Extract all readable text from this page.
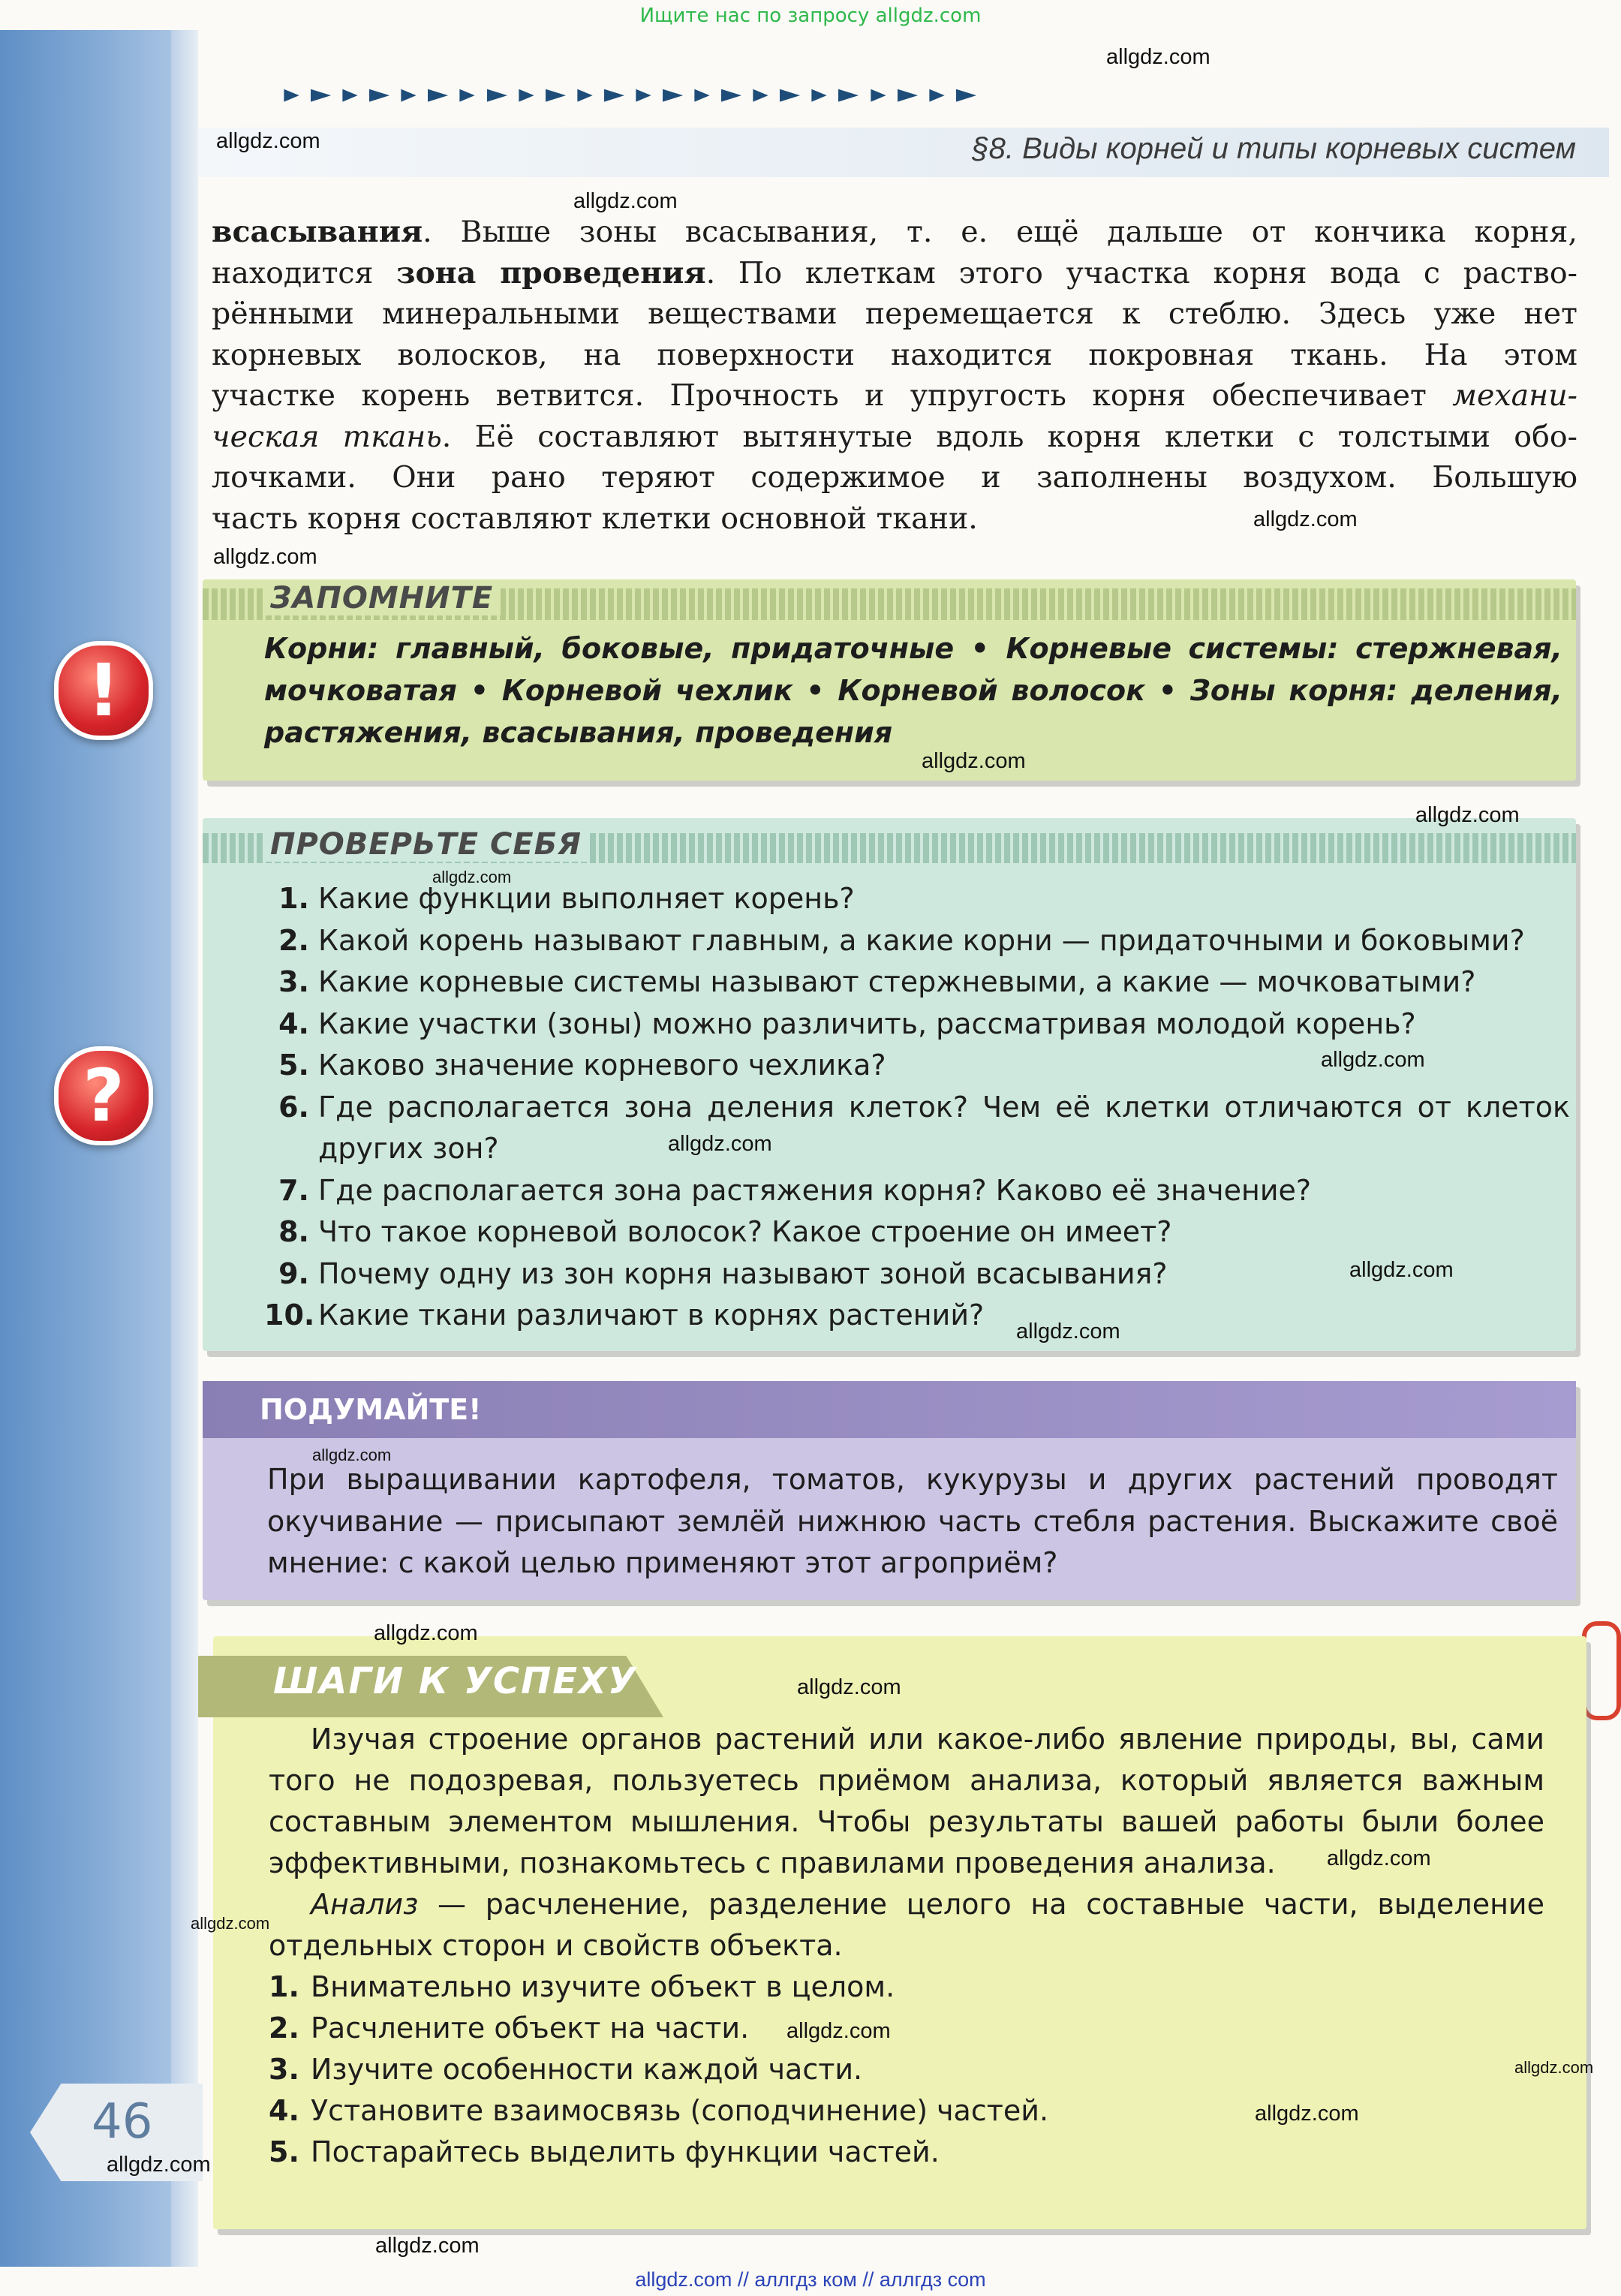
Ищите нас по запросу allgdz.com
▸ ▸ ▸ ▸ ▸ ▸ ▸ ▸ ▸ ▸ ▸ ▸ ▸ ▸ ▸ ▸ ▸ ▸ ▸ ▸ ▸ ▸ ▸ ▸
§8. Виды корней и типы корневых систем
всасывания. Выше зоны всасывания, т. е. ещё дальше от кончика корня,
находится зона проведения. По клеткам этого участка корня вода с раство-
рёнными минеральными веществами перемещается к стеблю. Здесь уже нет
корневых волосков, на поверхности находится покровная ткань. На этом
участке корень ветвится. Прочность и упругость корня обеспечивает механи-
ческая ткань. Её составляют вытянутые вдоль корня клетки с толстыми обо-
лочками. Они рано теряют содержимое и заполнены воздухом. Большую
часть корня составляют клетки основной ткани.
!
ЗАПОМНИТЕ
Корни: главный, боковые, придаточные • Корневые системы: стержневая, мочковатая • Корневой чехлик • Корневой волосок • Зоны корня: деления, растяжения, всасывания, проведения
?
ПРОВЕРЬТЕ СЕБЯ
1. Какие функции выполняет корень?
2. Какой корень называют главным, а какие корни — придаточными и боковыми?
3. Какие корневые системы называют стержневыми, а какие — мочковатыми?
4. Какие участки (зоны) можно различить, рассматривая молодой корень?
5. Каково значение корневого чехлика?
6. Где располагается зона деления клеток? Чем её клетки отличаются от клеток
других зон?
7. Где располагается зона растяжения корня? Каково её значение?
8. Что такое корневой волосок? Какое строение он имеет?
9. Почему одну из зон корня называют зоной всасывания?
10. Какие ткани различают в корнях растений?
ПОДУМАЙТЕ!
При выращивании картофеля, томатов, кукурузы и других растений проводят окучивание — присыпают землёй нижнюю часть стебля растения. Выскажите своё мнение: с какой целью применяют этот агроприём?
ШАГИ К УСПЕХУ
Изучая строение органов растений или какое-либо явление природы, вы, сами того не подозревая, пользуетесь приёмом анализа, который является важным составным элементом мышления. Чтобы результаты вашей работы были более эффективными, познакомьтесь с правилами проведения анализа.
Анализ — расчленение, разделение целого на составные части, выделение отдельных сторон и свойств объекта.
1. Внимательно изучите объект в целом.
2. Расчлените объект на части.
3. Изучите особенности каждой части.
4. Установите взаимосвязь (соподчинение) частей.
5. Постарайтесь выделить функции частей.
46
allgdz.com
allgdz.com
allgdz.com
allgdz.com
allgdz.com
allgdz.com
allgdz.com
allgdz.com
allgdz.com
allgdz.com
allgdz.com
allgdz.com
allgdz.com
allgdz.com
allgdz.com
allgdz.com
allgdz.com
allgdz.com
allgdz.com
allgdz.com
allgdz.com
allgdz.com
allgdz.com // аллгдз ком // аллгдз com
